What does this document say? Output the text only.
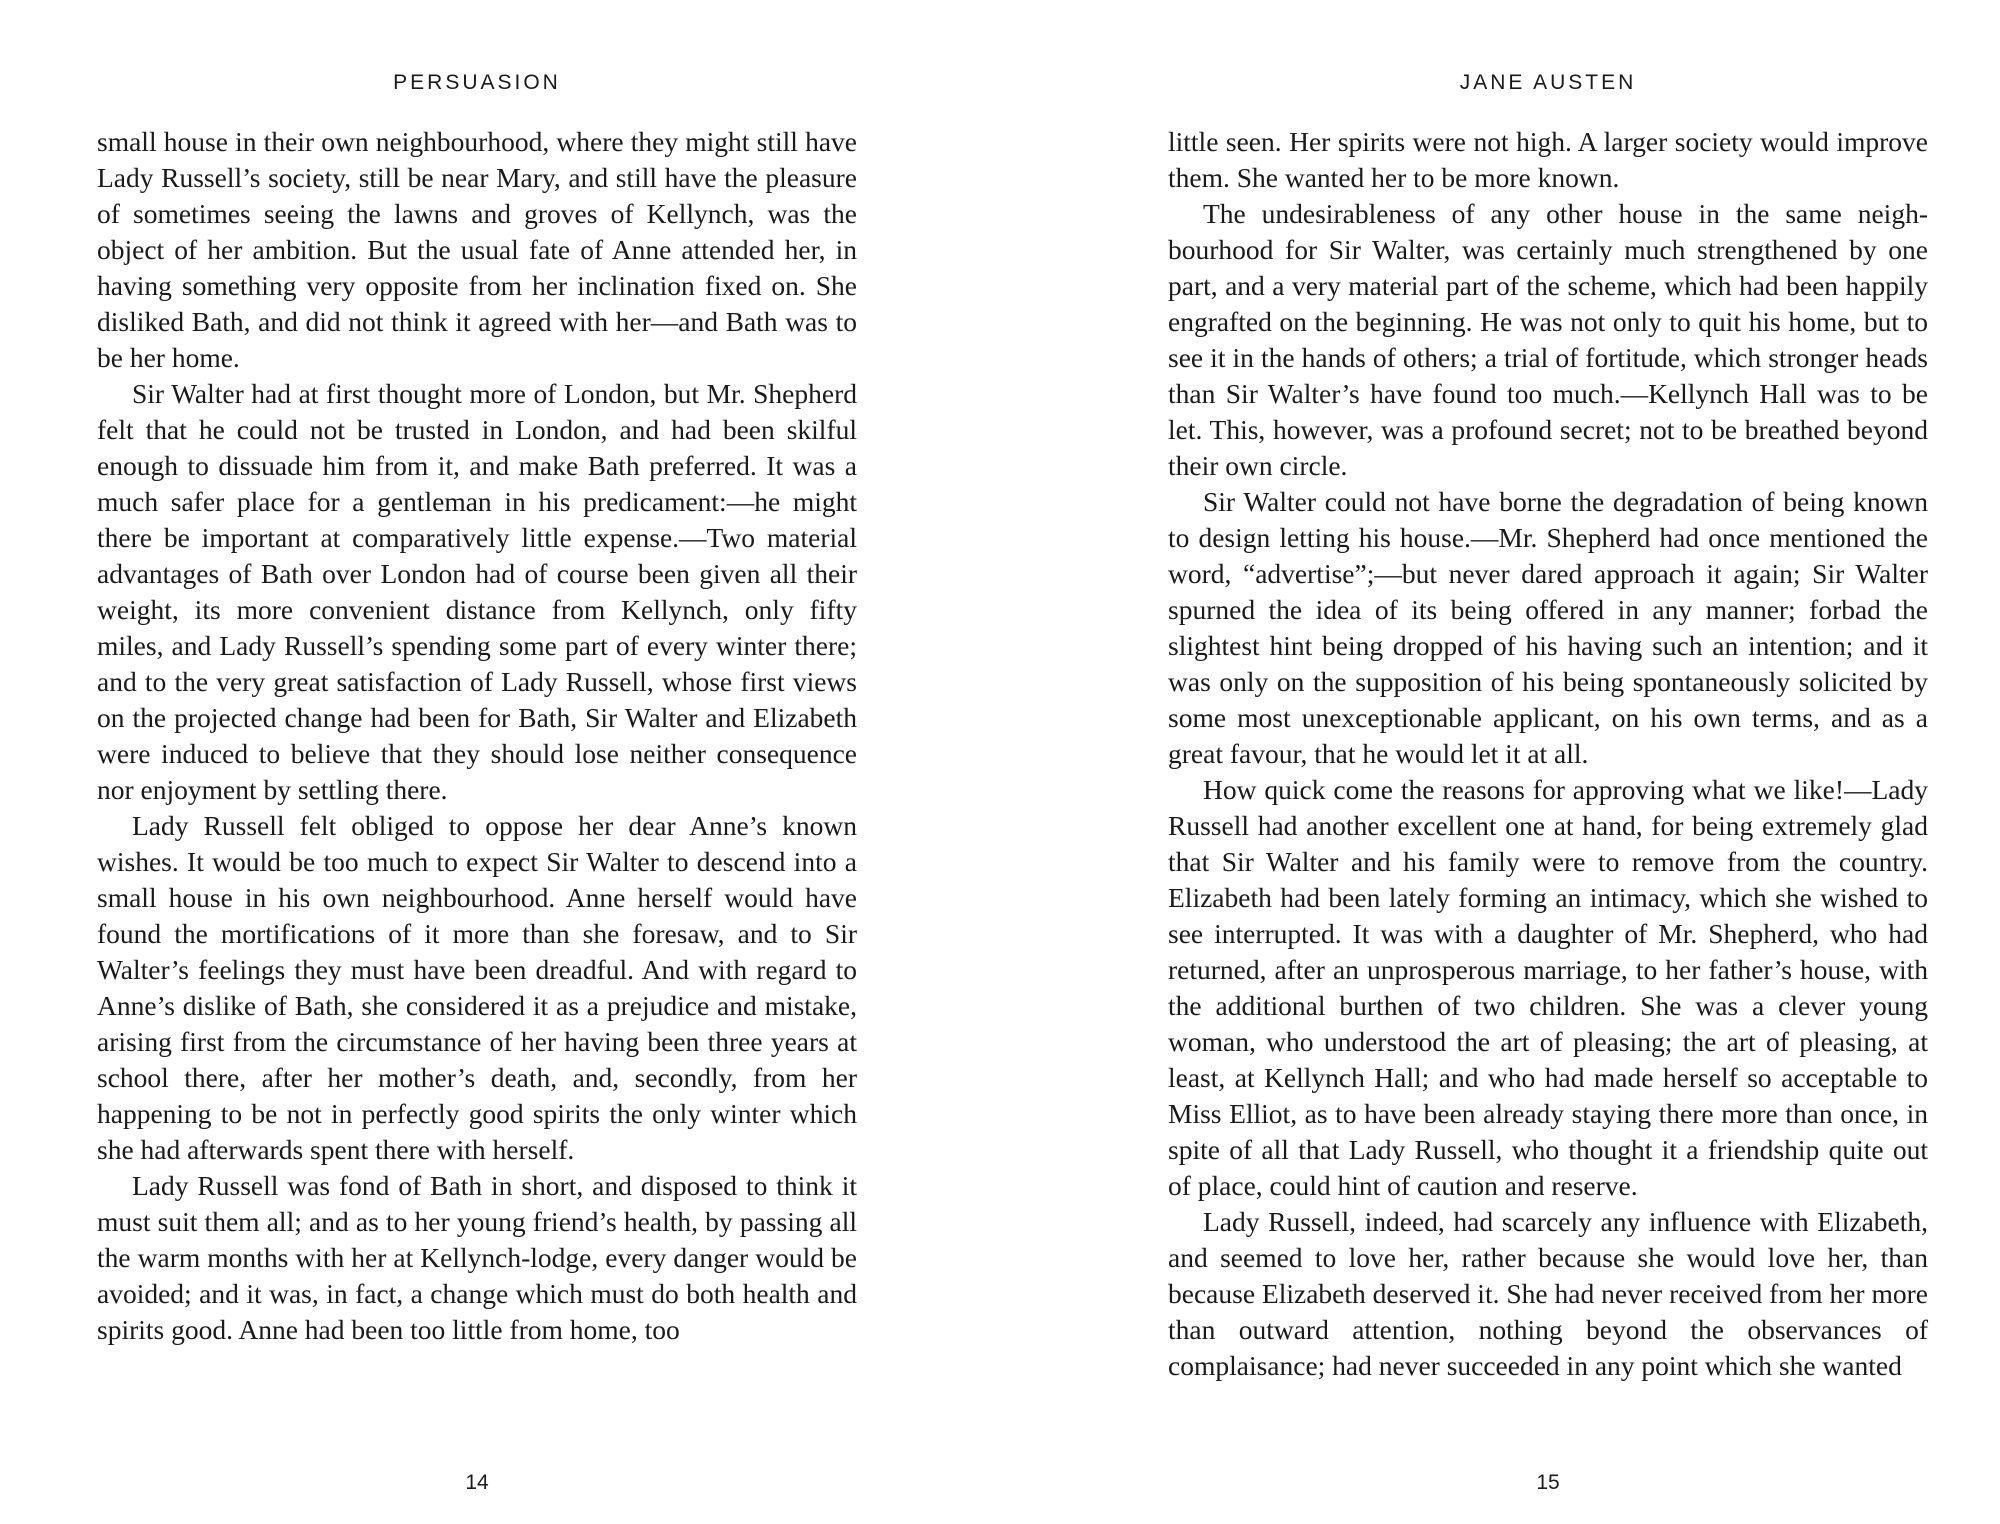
PERSUASION

small house in their own neighbourhood, where they might still have Lady Russell’s society, still be near Mary, and still have the pleasure of sometimes seeing the lawns and groves of Kellynch, was the object of her ambition. But the usual fate of Anne attended her, in having something very opposite from her inclination fixed on. She disliked Bath, and did not think it agreed with her—and Bath was to be her home.

Sir Walter had at first thought more of London, but Mr. Shepherd felt that he could not be trusted in London, and had been skilful enough to dissuade him from it, and make Bath preferred. It was a much safer place for a gentleman in his predicament:—he might there be important at comparatively little expense.—Two material advantages of Bath over London had of course been given all their weight, its more convenient distance from Kellynch, only fifty miles, and Lady Russell’s spending some part of every winter there; and to the very great satisfaction of Lady Russell, whose first views on the projected change had been for Bath, Sir Walter and Elizabeth were induced to believe that they should lose neither consequence nor enjoyment by settling there.

Lady Russell felt obliged to oppose her dear Anne’s known wishes. It would be too much to expect Sir Walter to descend into a small house in his own neighbourhood. Anne herself would have found the mortifications of it more than she foresaw, and to Sir Walter’s feelings they must have been dreadful. And with regard to Anne’s dislike of Bath, she considered it as a prejudice and mistake, arising first from the circumstance of her having been three years at school there, after her mother’s death, and, secondly, from her happening to be not in perfectly good spirits the only winter which she had afterwards spent there with herself.

Lady Russell was fond of Bath in short, and disposed to think it must suit them all; and as to her young friend’s health, by passing all the warm months with her at Kellynch-lodge, every danger would be avoided; and it was, in fact, a change which must do both health and spirits good. Anne had been too little from home, too

14
JANE AUSTEN

little seen. Her spirits were not high. A larger society would improve them. She wanted her to be more known.

The undesirableness of any other house in the same neighbourhood for Sir Walter, was certainly much strengthened by one part, and a very material part of the scheme, which had been happily engrafted on the beginning. He was not only to quit his home, but to see it in the hands of others; a trial of fortitude, which stronger heads than Sir Walter’s have found too much.—Kellynch Hall was to be let. This, however, was a profound secret; not to be breathed beyond their own circle.

Sir Walter could not have borne the degradation of being known to design letting his house.—Mr. Shepherd had once mentioned the word, “advertise”;—but never dared approach it again; Sir Walter spurned the idea of its being offered in any manner; forbad the slightest hint being dropped of his having such an intention; and it was only on the supposition of his being spontaneously solicited by some most unexceptionable applicant, on his own terms, and as a great favour, that he would let it at all.

How quick come the reasons for approving what we like!—Lady Russell had another excellent one at hand, for being extremely glad that Sir Walter and his family were to remove from the country. Elizabeth had been lately forming an intimacy, which she wished to see interrupted. It was with a daughter of Mr. Shepherd, who had returned, after an unprosperous marriage, to her father’s house, with the additional burthen of two children. She was a clever young woman, who understood the art of pleasing; the art of pleasing, at least, at Kellynch Hall; and who had made herself so acceptable to Miss Elliot, as to have been already staying there more than once, in spite of all that Lady Russell, who thought it a friendship quite out of place, could hint of caution and reserve.

Lady Russell, indeed, had scarcely any influence with Elizabeth, and seemed to love her, rather because she would love her, than because Elizabeth deserved it. She had never received from her more than outward attention, nothing beyond the observances of complaisance; had never succeeded in any point which she wanted

15
